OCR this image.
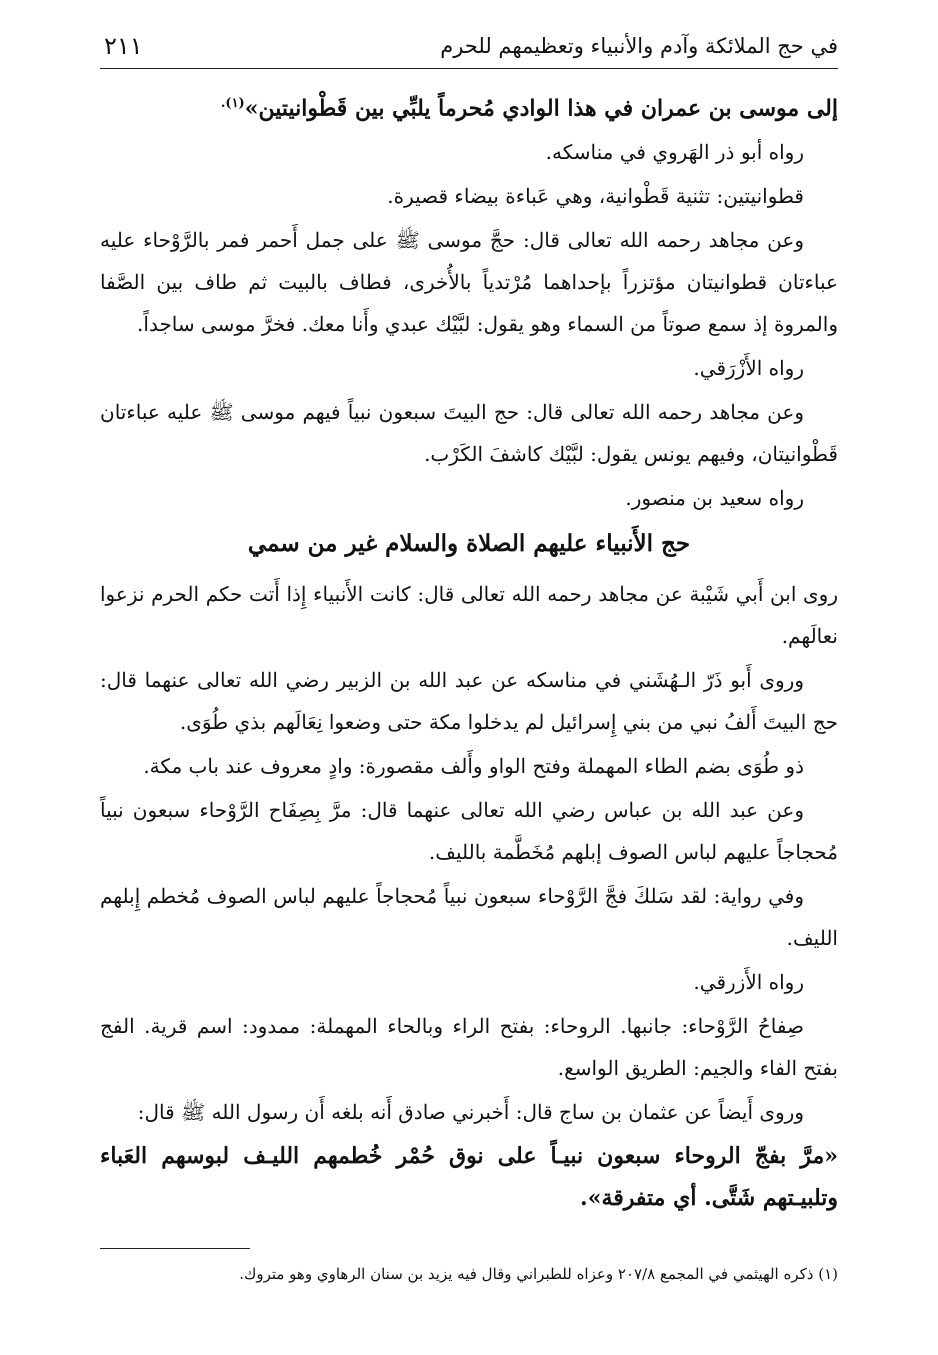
في حج الملائكة وآدم والأنبياء وتعظيمهم للحرم
٢١١

إلى موسى بن عمران في هذا الوادي مُحرماً يلبِّي بين قَطْوانيتين»$^{(١).}$

رواه أبو ذر الهَروي في مناسكه.

قطوانيتين: تثنية قَطْوانية، وهي عَباءة بيضاء قصيرة.

وعن مجاهد رحمه الله تعالى قال: حجَّ موسى ﷺ على جمل أَحمر فمر بالرَّوْحاء عليه عباءتان قطوانيتان مؤتزراً بإحداهما مُرْتدياً بالأُخرى، فطاف بالبيت ثم طاف بين الصَّفا والمروة إذ سمع صوتاً من السماء وهو يقول: لبَّيْك عبدي وأَنا معك. فخرَّ موسى ساجداً.

رواه الأَزْرَقي.

وعن مجاهد رحمه الله تعالى قال: حج البيتَ سبعون نبياً فيهم موسى ﷺ عليه عباءتان قَطْوانيتان، وفيهم يونس يقول: لبَّيْك كاشفَ الكَرْب.

رواه سعيد بن منصور.

حج الأَنبياء عليهم الصلاة والسلام غير من سمي

روى ابن أَبي شَيْبة عن مجاهد رحمه الله تعالى قال: كانت الأَنبياء إِذا أَتت حكم الحرم نزعوا نعالَهم.

وروى أَبو ذَرّ الـهُشَني في مناسكه عن عبد الله بن الزبير رضي الله تعالى عنهما قال: حج البيتَ أَلفُ نبي من بني إِسرائيل لم يدخلوا مكة حتى وضعوا نِعَالَهم بذي طُوَى.

ذو طُوَى بضم الطاء المهملة وفتح الواو وأَلف مقصورة: وادٍ معروف عند باب مكة.

وعن عبد الله بن عباس رضي الله تعالى عنهما قال: مرَّ بِصِفَاح الرَّوْحاء سبعون نبياً مُحجاجاً عليهم لباس الصوف إبلهم مُخَطَّمة بالليف.

وفي رواية: لقد سَلكَ فجَّ الرَّوْحاء سبعون نبياً مُحجاجاً عليهم لباس الصوف مُخطم إِبلهم الليف.

رواه الأَزرقي.

صِفاحُ الرَّوْحاء: جانبها. الروحاء: بفتح الراء وبالحاء المهملة: ممدود: اسم قرية. الفج بفتح الفاء والجيم: الطريق الواسع.

وروى أَيضاً عن عثمان بن ساج قال: أَخبرني صادق أَنه بلغه أَن رسول الله ﷺ قال:

«مرَّ بفجّ الروحاء سبعون نبيـاً على نوق حُمْر خُطمهم الليـف لبوسهم العَباء وتلبيـتهم شَتَّى. أي متفرقة».

(١) ذكره الهيثمي في المجمع ٢٠٧/٨ وعزاه للطبراني وقال فيه يزيد بن سنان الرهاوي وهو متروك.
